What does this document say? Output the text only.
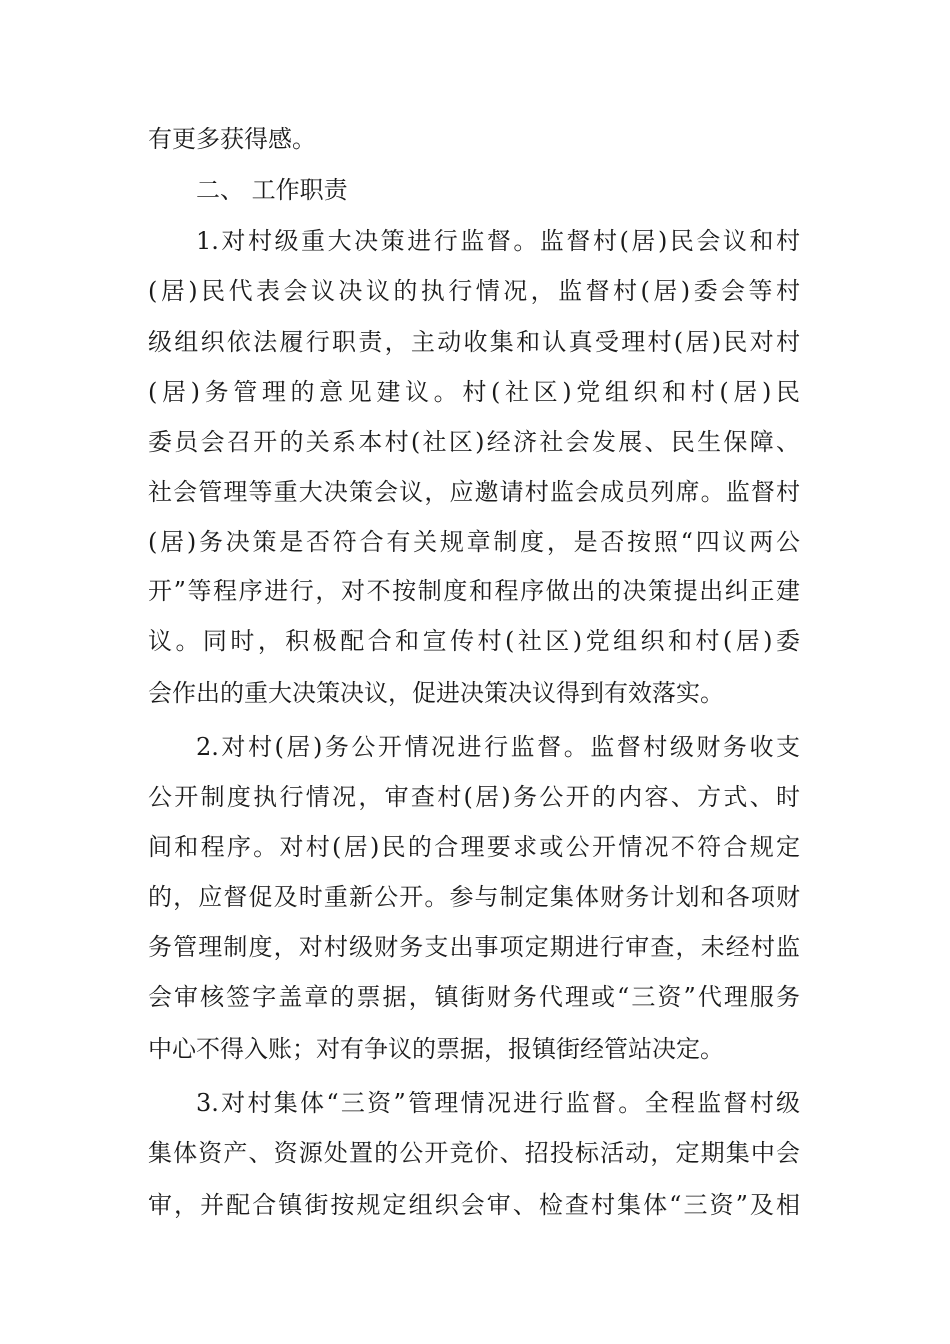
有更多获得感。
二、 工作职责
1.对村级重大决策进行监督。监督村(居)民会议和村
(居)民代表会议决议的执行情况，监督村(居)委会等村
级组织依法履行职责，主动收集和认真受理村(居)民对村
(居)务管理的意见建议。村(社区)党组织和村(居)民
委员会召开的关系本村(社区)经济社会发展、民生保障、
社会管理等重大决策会议，应邀请村监会成员列席。监督村
(居)务决策是否符合有关规章制度，是否按照“四议两公
开”等程序进行，对不按制度和程序做出的决策提出纠正建
议。同时，积极配合和宣传村(社区)党组织和村(居)委
会作出的重大决策决议，促进决策决议得到有效落实。
2.对村(居)务公开情况进行监督。监督村级财务收支
公开制度执行情况，审查村(居)务公开的内容、方式、时
间和程序。对村(居)民的合理要求或公开情况不符合规定
的，应督促及时重新公开。参与制定集体财务计划和各项财
务管理制度，对村级财务支出事项定期进行审查，未经村监
会审核签字盖章的票据，镇街财务代理或“三资”代理服务
中心不得入账；对有争议的票据，报镇街经管站决定。
3.对村集体“三资”管理情况进行监督。全程监督村级
集体资产、资源处置的公开竞价、招投标活动，定期集中会
审，并配合镇街按规定组织会审、检查村集体“三资”及相
